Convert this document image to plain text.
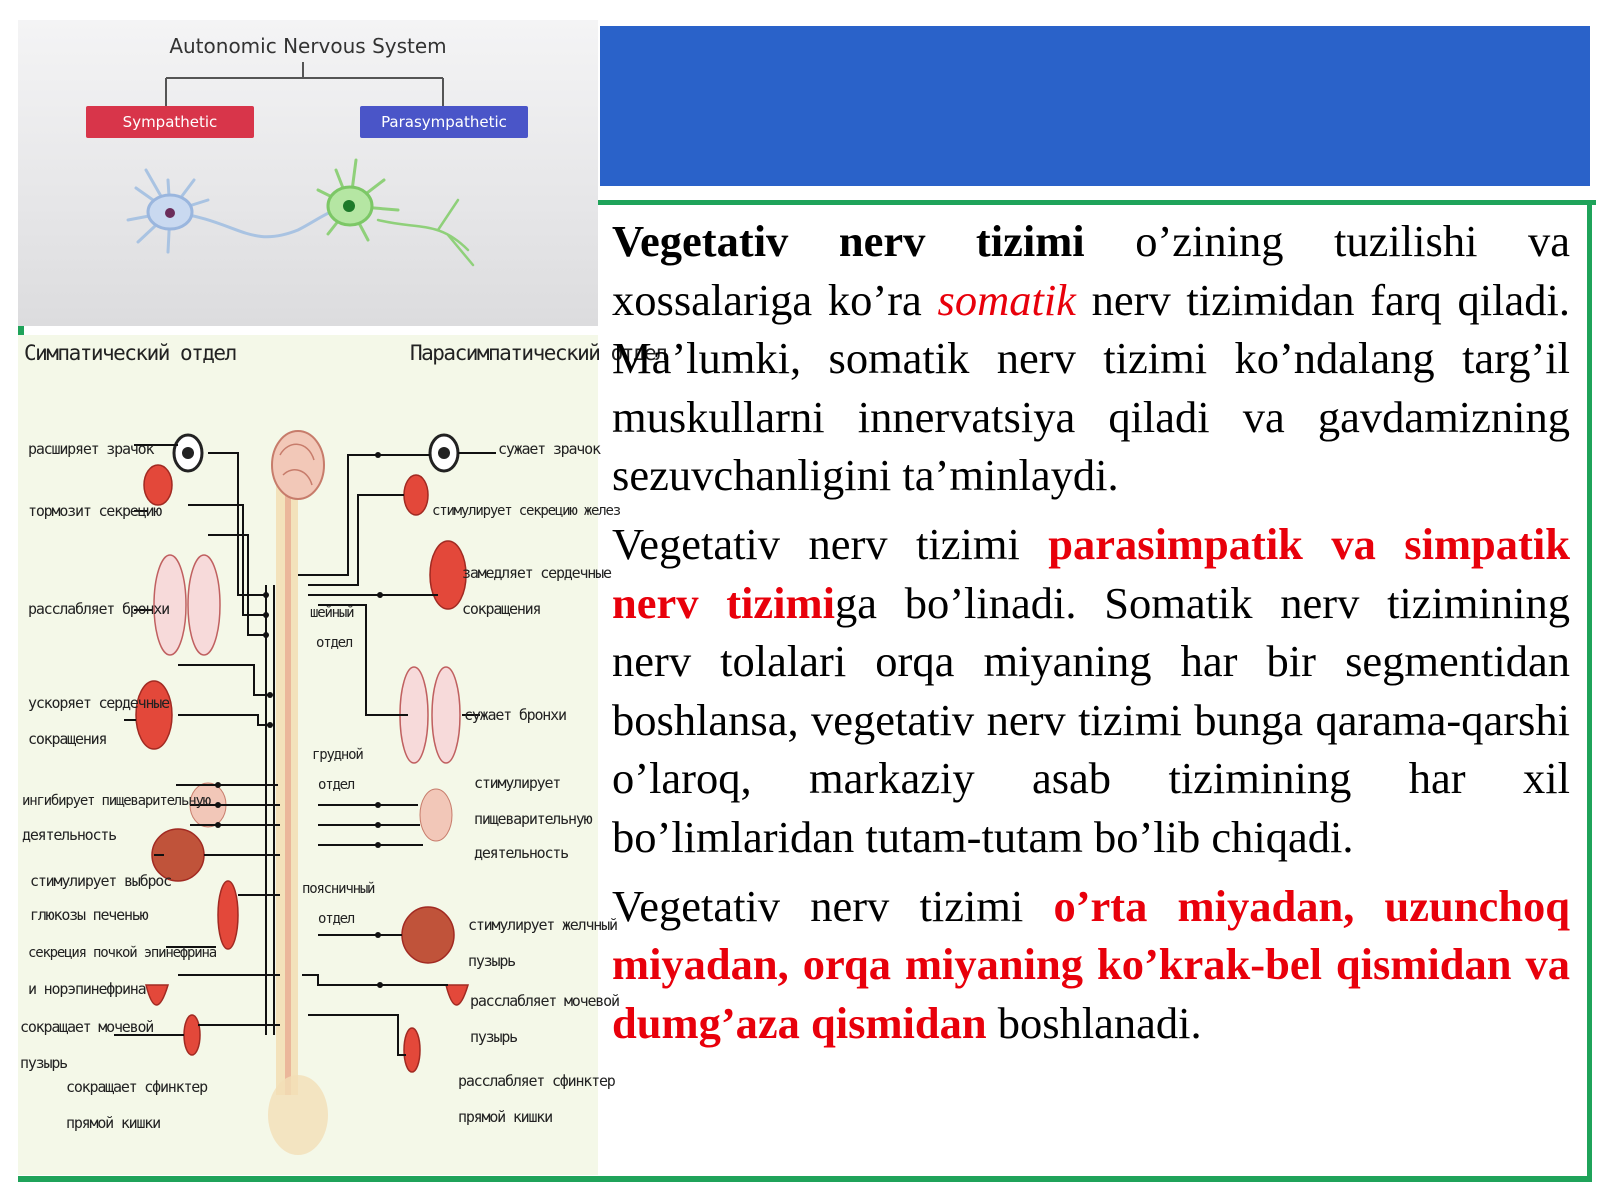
Autonomic Nervous System
Sympathetic	Parasympathetic
Симпатический отдел	Парасимпатический отдел
расширяет зрачок
тормозит секрецию
расслабляет бронхи
ускоряет сердечные
сокращения
ингибирует пищеварительную
деятельность
стимулирует выброс
глюкозы печенью
секреция почкой эпинефрина
и норэпинефрина
сокращает мочевой
пузырь
сокращает сфинктер
прямой кишки
сужает зрачок
стимулирует секрецию желез
замедляет сердечные
сокращения
сужает бронхи
стимулирует
пищеварительную
деятельность
стимулирует желчный
пузырь
расслабляет мочевой
пузырь
расслабляет сфинктер
прямой кишки
шейный
отдел
грудной
отдел
поясничный
отдел

Vegetativ nerv tizimi o’zining tuzilishi va xossalariga ko’ra somatik nerv tizimidan farq qiladi. Ma’lumki, somatik nerv tizimi ko’ndalang targ’il muskullarni innervatsiya qiladi va gavdamizning sezuvchanligini ta’minlaydi.

Vegetativ nerv tizimi parasimpatik va simpatik nerv tizimiga bo’linadi. Somatik nerv tizimining nerv tolalari orqa miyaning har bir segmentidan boshlansa, vegetativ nerv tizimi bunga qarama-qarshi o’laroq, markaziy asab tizimining har xil bo’limlaridan tutam-tutam bo’lib chiqadi.

Vegetativ nerv tizimi o’rta miyadan, uzunchoq miyadan, orqa miyaning ko’krak-bel qismidan va dumg’aza qismidan boshlanadi.
